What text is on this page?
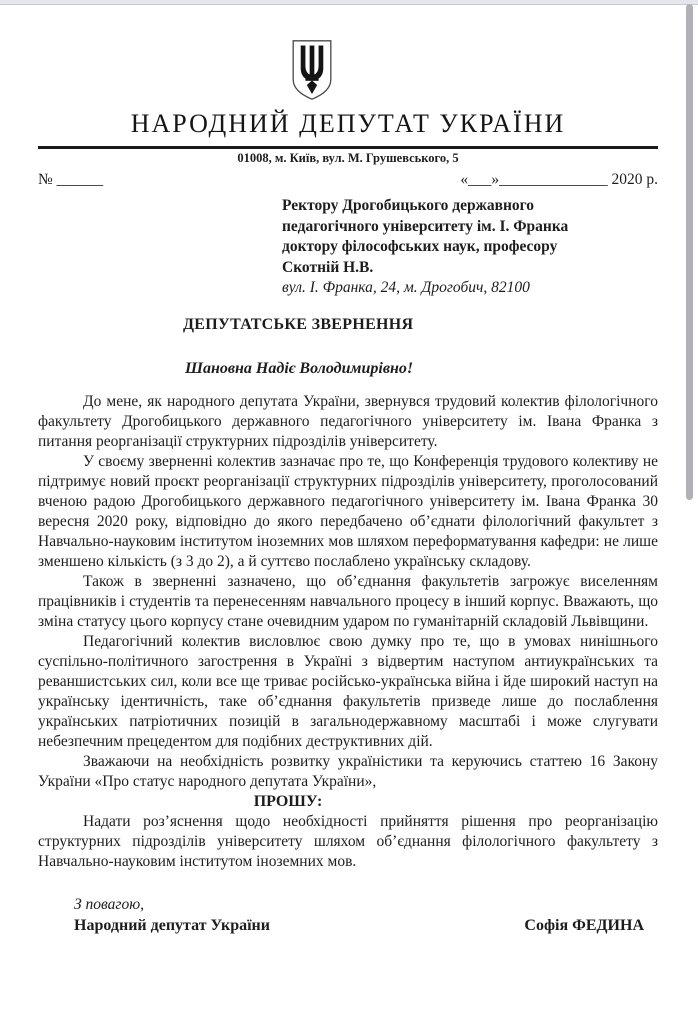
НАРОДНИЙ ДЕПУТАТ УКРАЇНИ
01008, м. Київ, вул. М. Грушевського, 5
№ ______	«___»______________ 2020 р.
Ректору Дрогобицького державного
педагогічного університету ім. І. Франка
доктору філософських наук, професору
Скотній Н.В.
вул. І. Франка, 24, м. Дрогобич, 82100
ДЕПУТАТСЬКЕ ЗВЕРНЕННЯ
Шановна Надіє Володимирівно!

До мене, як народного депутата України, звернувся трудовий колектив філологічного факультету Дрогобицького державного педагогічного університету ім. Івана Франка з питання реорганізації структурних підрозділів університету.

У своєму зверненні колектив зазначає про те, що Конференція трудового колективу не підтримує новий проєкт реорганізації структурних підрозділів університету, проголосований вченою радою Дрогобицького державного педагогічного університету ім. Івана Франка 30 вересня 2020 року, відповідно до якого передбачено об’єднати філологічний факультет з Навчально-науковим інститутом іноземних мов шляхом переформатування кафедри: не лише зменшено кількість (з 3 до 2), а й суттєво послаблено українську складову.

Також в зверненні зазначено, що об’єднання факультетів загрожує виселенням працівників і студентів та перенесенням навчального процесу в інший корпус. Вважають, що зміна статусу цього корпусу стане очевидним ударом по гуманітарній складовій Львівщини.

Педагогічний колектив висловлює свою думку про те, що в умовах нинішнього суспільно-політичного загострення в Україні з відвертим наступом антиукраїнських та реваншистських сил, коли все ще триває російсько-українська війна і йде широкий наступ на українську ідентичність, таке об’єднання факультетів призведе лише до послаблення українських патріотичних позицій в загальнодержавному масштабі і може слугувати небезпечним прецедентом для подібних деструктивних дій.

Зважаючи на необхідність розвитку україністики та керуючись статтею 16 Закону України «Про статус народного депутата України»,

ПРОШУ:

Надати роз’яснення щодо необхідності прийняття рішення про реорганізацію структурних підрозділів університету шляхом об’єднання філологічного факультету з Навчально-науковим інститутом іноземних мов.

З повагою,
Народний депутат України	Софія ФЕДИНА
